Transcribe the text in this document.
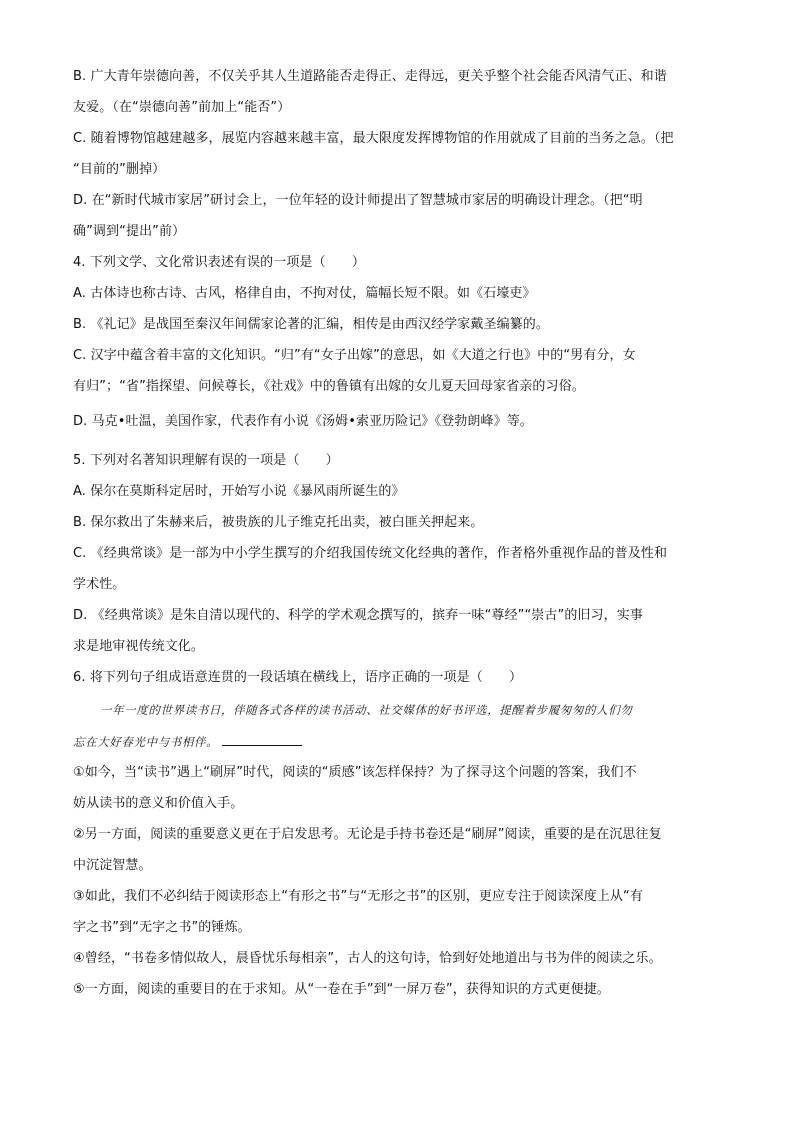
B. 广大青年崇德向善，不仅关乎其人生道路能否走得正、走得远，更关乎整个社会能否风清气正、和谐
友爱。（在“崇德向善”前加上“能否”）
C. 随着博物馆越建越多，展览内容越来越丰富，最大限度发挥博物馆的作用就成了目前的当务之急。（把
“目前的”删掉）
D. 在“新时代城市家居”研讨会上，一位年轻的设计师提出了智慧城市家居的明确设计理念。（把“明
确”调到“提出”前）
4. 下列文学、文化常识表述有误的一项是（　　）
A. 古体诗也称古诗、古风，格律自由，不拘对仗，篇幅长短不限。如《石壕吏》
B. 《礼记》是战国至秦汉年间儒家论著的汇编，相传是由西汉经学家戴圣编纂的。
C. 汉字中蕴含着丰富的文化知识。“归”有“女子出嫁”的意思，如《大道之行也》中的“男有分，女
有归”；“省”指探望、问候尊长，《社戏》中的鲁镇有出嫁的女儿夏天回母家省亲的习俗。
D. 马克•吐温，美国作家，代表作有小说《汤姆•索亚历险记》《登勃朗峰》等。
5. 下列对名著知识理解有误的一项是（　　）
A. 保尔在莫斯科定居时，开始写小说《暴风雨所诞生的》
B. 保尔救出了朱赫来后，被贵族的儿子维克托出卖，被白匪关押起来。
C. 《经典常谈》是一部为中小学生撰写的介绍我国传统文化经典的著作，作者格外重视作品的普及性和
学术性。
D. 《经典常谈》是朱自清以现代的、科学的学术观念撰写的，摈弃一味“尊经”“崇古”的旧习，实事
求是地审视传统文化。
6. 将下列句子组成语意连贯的一段话填在横线上，语序正确的一项是（　　）
一年一度的世界读书日，伴随各式各样的读书活动、社交媒体的好书评选，提醒着步履匆匆的人们勿
忘在大好春光中与书相伴。
①如今，当“读书”遇上“刷屏”时代，阅读的“质感”该怎样保持？为了探寻这个问题的答案，我们不
妨从读书的意义和价值入手。
②另一方面，阅读的重要意义更在于启发思考。无论是手持书卷还是“刷屏”阅读，重要的是在沉思往复
中沉淀智慧。
③如此，我们不必纠结于阅读形态上“有形之书”与“无形之书”的区别，更应专注于阅读深度上从“有
字之书”到“无字之书”的锤炼。
④曾经，“书卷多情似故人，晨昏忧乐每相亲”，古人的这句诗，恰到好处地道出与书为伴的阅读之乐。
⑤一方面，阅读的重要目的在于求知。从“一卷在手”到“一屏万卷”，获得知识的方式更便捷。
